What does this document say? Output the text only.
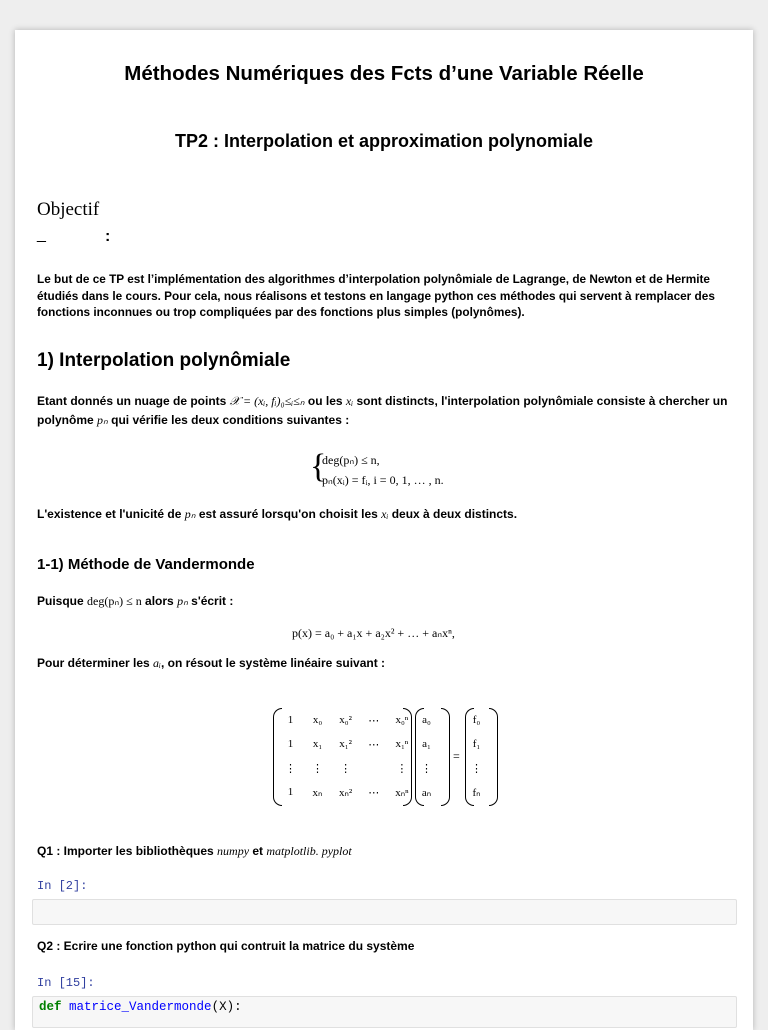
Méthodes Numériques des Fcts d’une Variable Réelle
TP2 : Interpolation et approximation polynomiale
Objectif
_	:
Le but de ce TP est l’implémentation des algorithmes d’interpolation polynômiale de Lagrange, de Newton et de Hermite étudiés dans le cours. Pour cela, nous réalisons et testons en langage python ces méthodes qui servent à remplacer des fonctions inconnues ou trop compliquées par des fonctions plus simples (polynômes).
1) Interpolation polynômiale
Etant donnés un nuage de points 𝒳 = (xᵢ, fᵢ)₀≤ᵢ≤ₙ ou les xᵢ sont distincts, l'interpolation polynômiale consiste à chercher un polynôme pₙ qui vérifie les deux conditions suivantes :
{
deg(pₙ) ≤ n,
pₙ(xᵢ) = fᵢ, i = 0, 1, … , n.
L'existence et l'unicité de pₙ est assuré lorsqu'on choisit les xᵢ deux à deux distincts.
1-1) Méthode de Vandermonde
Puisque deg(pₙ) ≤ n alors pₙ s'écrit :
p(x) = a₀ + a₁x + a₂x² + … + aₙxⁿ,
Pour déterminer les aᵢ, on résout le système linéaire suivant :
1	x₀	x₀²	⋯	x₀ⁿ
1	x₁	x₁²	⋯	x₁ⁿ
⋮	⋮	⋮		⋮
1	xₙ	xₙ²	⋯	xₙⁿ
a₀
a₁
⋮
aₙ
=
f₀
f₁
⋮
fₙ
Q1 : Importer les bibliothèques numpy et matplotlib. pyplot
In [2]:
Q2 : Ecrire une fonction python qui contruit la matrice du système
In [15]:
def matrice_Vandermonde(X):
